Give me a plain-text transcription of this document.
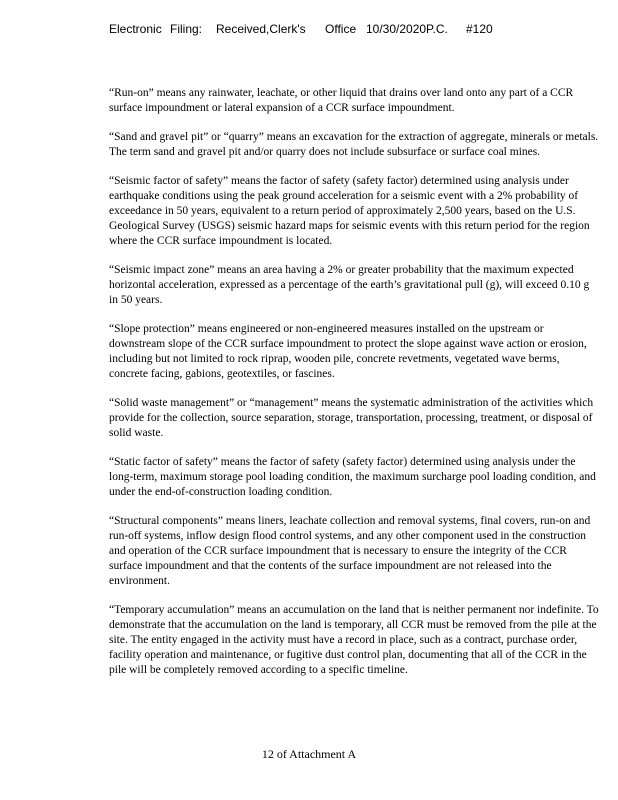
Electronic Filing: Received,Clerk's Office 10/30/2020P.C. #120

“Run-on” means any rainwater, leachate, or other liquid that drains over land onto any part of a CCR surface impoundment or lateral expansion of a CCR surface impoundment.

“Sand and gravel pit” or “quarry” means an excavation for the extraction of aggregate, minerals or metals. The term sand and gravel pit and/or quarry does not include subsurface or surface coal mines.

“Seismic factor of safety” means the factor of safety (safety factor) determined using analysis under earthquake conditions using the peak ground acceleration for a seismic event with a 2% probability of exceedance in 50 years, equivalent to a return period of approximately 2,500 years, based on the U.S. Geological Survey (USGS) seismic hazard maps for seismic events with this return period for the region where the CCR surface impoundment is located.

“Seismic impact zone” means an area having a 2% or greater probability that the maximum expected horizontal acceleration, expressed as a percentage of the earth’s gravitational pull (g), will exceed 0.10 g in 50 years.

“Slope protection” means engineered or non-engineered measures installed on the upstream or downstream slope of the CCR surface impoundment to protect the slope against wave action or erosion, including but not limited to rock riprap, wooden pile, concrete revetments, vegetated wave berms, concrete facing, gabions, geotextiles, or fascines.

“Solid waste management” or “management” means the systematic administration of the activities which provide for the collection, source separation, storage, transportation, processing, treatment, or disposal of solid waste.

“Static factor of safety” means the factor of safety (safety factor) determined using analysis under the long-term, maximum storage pool loading condition, the maximum surcharge pool loading condition, and under the end-of-construction loading condition.

“Structural components” means liners, leachate collection and removal systems, final covers, run-on and run-off systems, inflow design flood control systems, and any other component used in the construction and operation of the CCR surface impoundment that is necessary to ensure the integrity of the CCR surface impoundment and that the contents of the surface impoundment are not released into the environment.

“Temporary accumulation” means an accumulation on the land that is neither permanent nor indefinite. To demonstrate that the accumulation on the land is temporary, all CCR must be removed from the pile at the site. The entity engaged in the activity must have a record in place, such as a contract, purchase order, facility operation and maintenance, or fugitive dust control plan, documenting that all of the CCR in the pile will be completely removed according to a specific timeline.

12 of Attachment A
